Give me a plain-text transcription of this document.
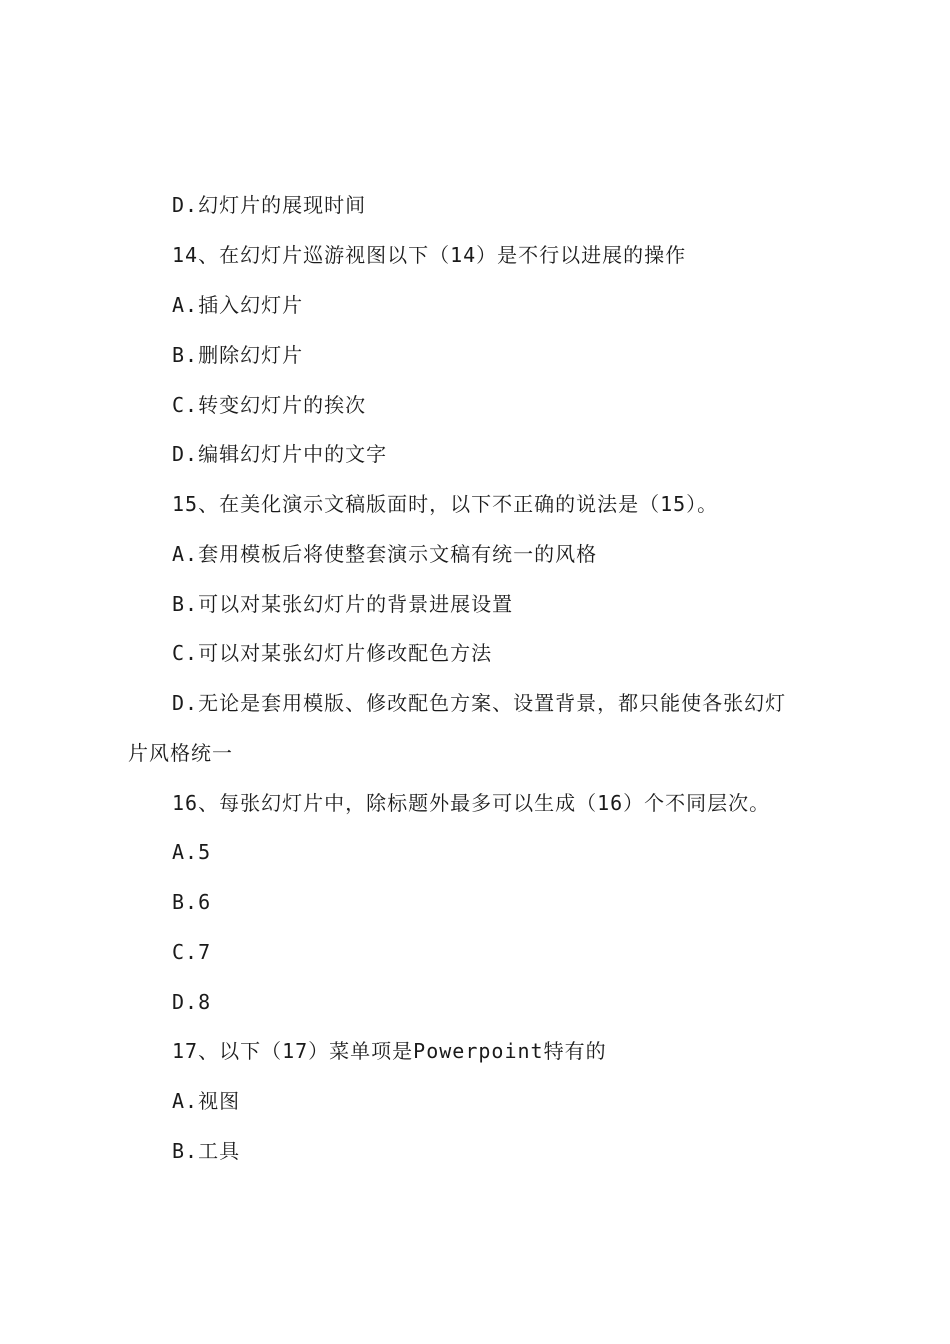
D.幻灯片的展现时间
14、在幻灯片巡游视图以下（14）是不行以进展的操作
A.插入幻灯片
B.删除幻灯片
C.转变幻灯片的挨次
D.编辑幻灯片中的文字
15、在美化演示文稿版面时，以下不正确的说法是（15）。
A.套用模板后将使整套演示文稿有统一的风格
B.可以对某张幻灯片的背景进展设置
C.可以对某张幻灯片修改配色方法
D.无论是套用模版、修改配色方案、设置背景，都只能使各张幻灯
片风格统一
16、每张幻灯片中，除标题外最多可以生成（16）个不同层次。
A.5
B.6
C.7
D.8
17、以下（17）菜单项是Powerpoint特有的
A.视图
B.工具
